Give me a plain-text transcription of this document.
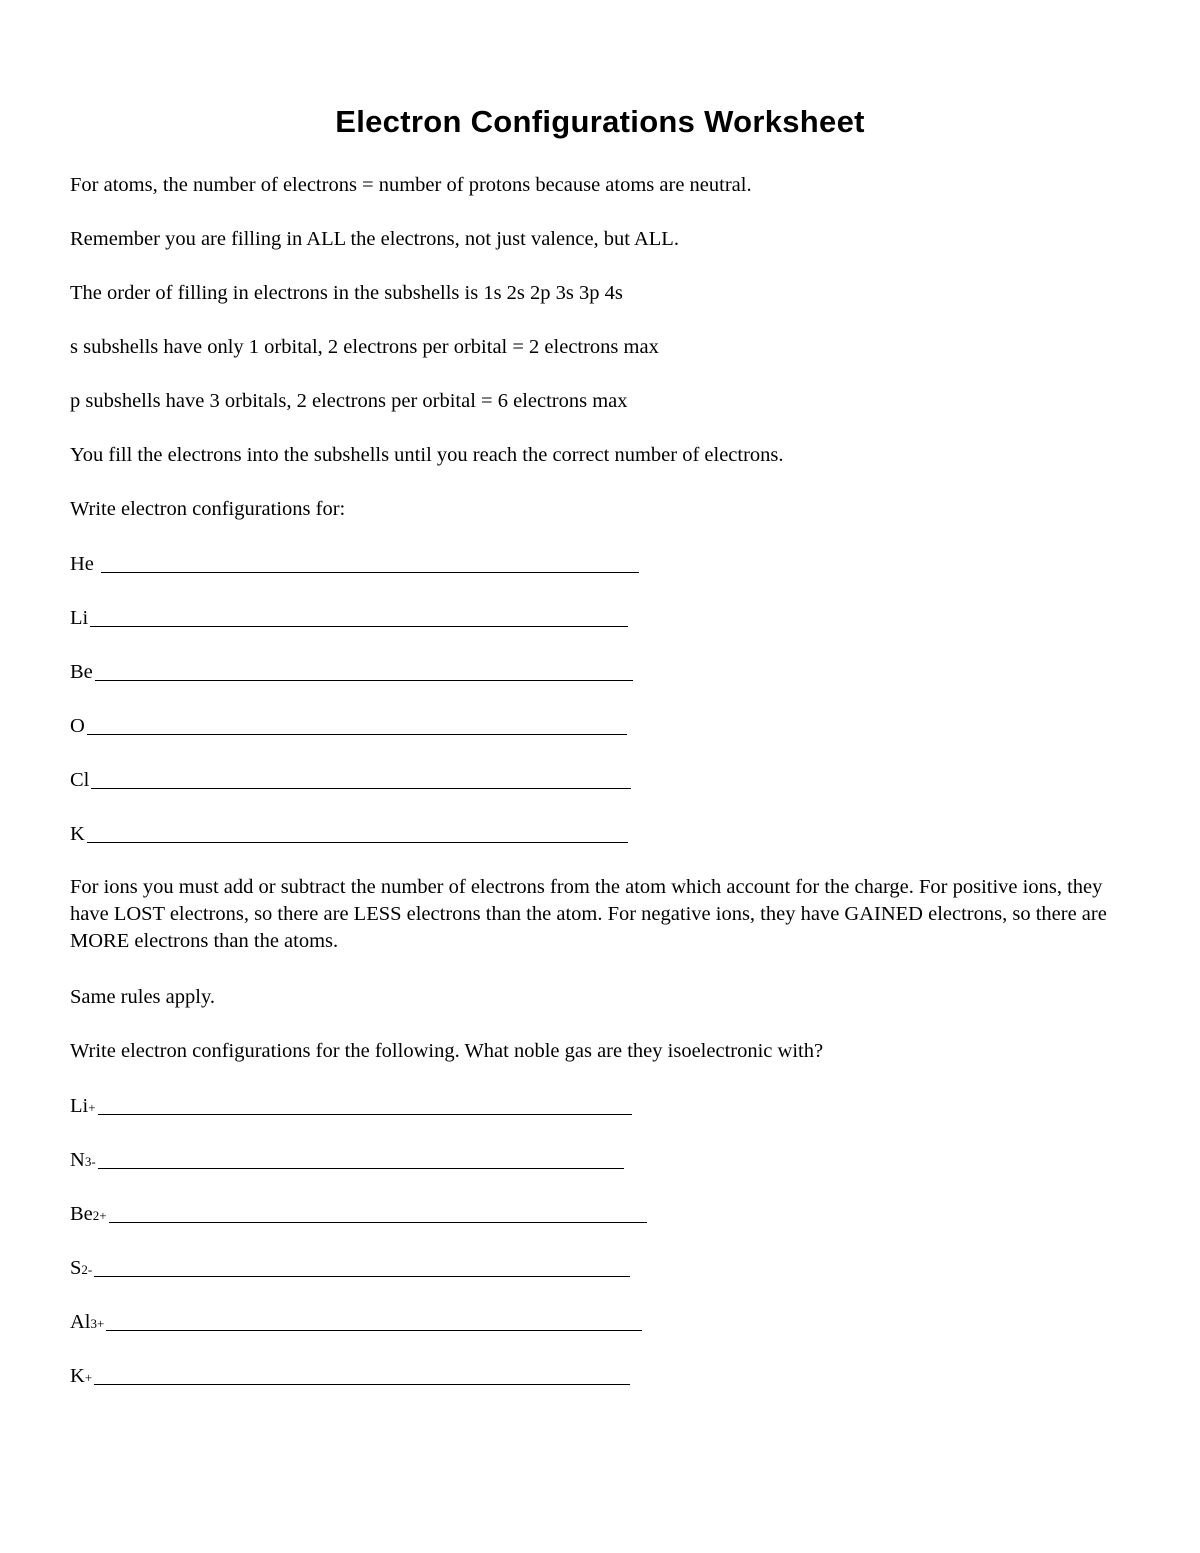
Electron Configurations Worksheet

For atoms, the number of electrons = number of protons because atoms are neutral.

Remember you are filling in ALL the electrons, not just valence, but ALL.

The order of filling in electrons in the subshells is 1s 2s 2p 3s 3p 4s

s subshells have only 1 orbital, 2 electrons per orbital = 2 electrons max

p subshells have 3 orbitals, 2 electrons per orbital = 6 electrons max

You fill the electrons into the subshells until you reach the correct number of electrons.

Write electron configurations for:

He
Li
Be
O
Cl
K

For ions you must add or subtract the number of electrons from the atom which account for the charge. For positive ions, they have LOST electrons, so there are LESS electrons than the atom. For negative ions, they have GAINED electrons, so there are MORE electrons than the atoms.

Same rules apply.

Write electron configurations for the following. What noble gas are they isoelectronic with?

Li +
N 3-
Be 2+
S 2-
Al 3+
K +
